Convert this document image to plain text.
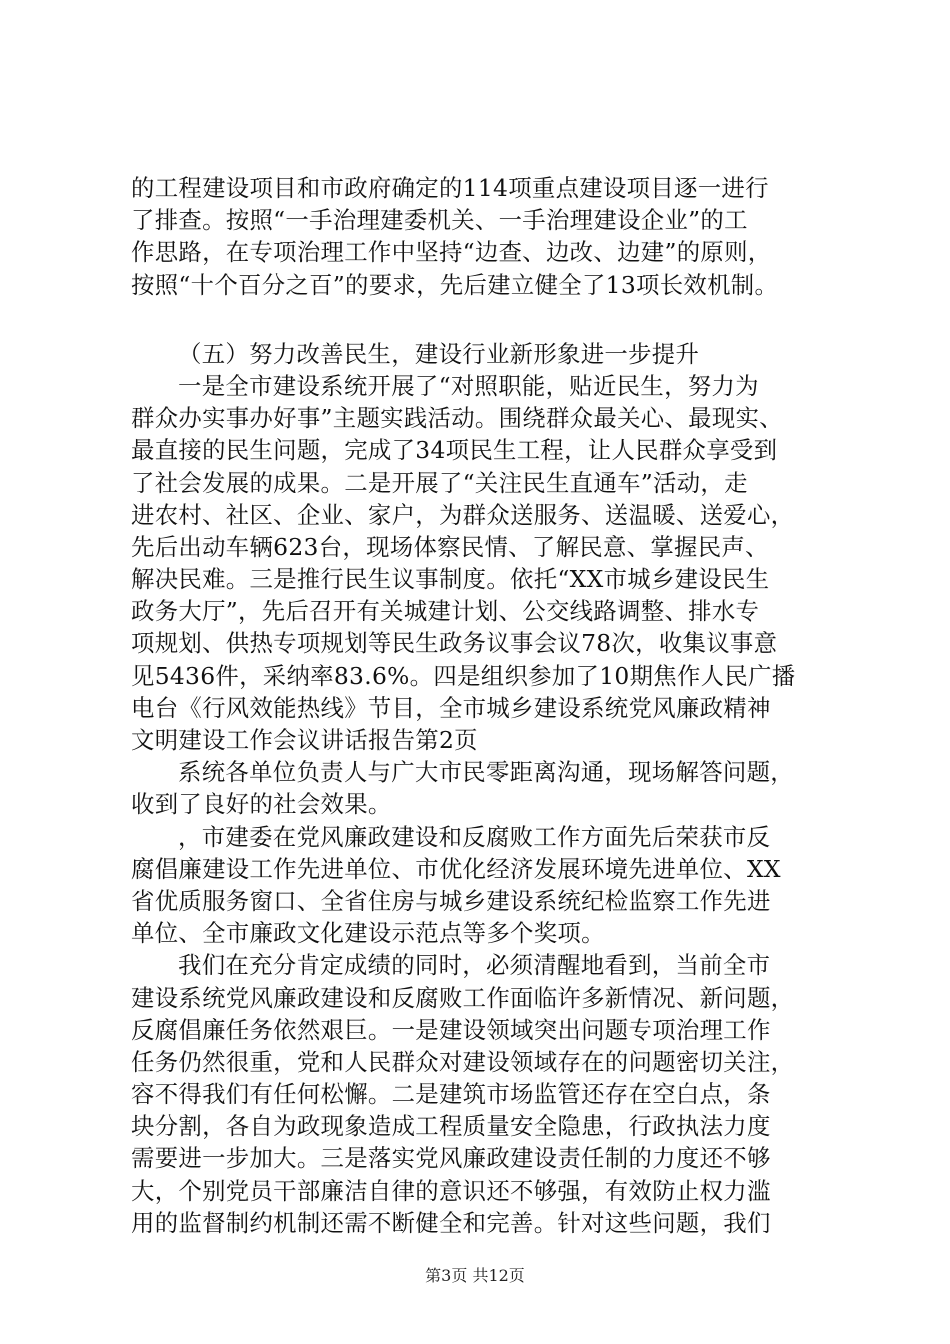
的工程建设项目和市政府确定的114项重点建设项目逐一进行
了排查。按照“一手治理建委机关、一手治理建设企业”的工
作思路，在专项治理工作中坚持“边查、边改、边建”的原则，
按照“十个百分之百”的要求，先后建立健全了13项长效机制。
（五）努力改善民生，建设行业新形象进一步提升
一是全市建设系统开展了“对照职能，贴近民生，努力为
群众办实事办好事”主题实践活动。围绕群众最关心、最现实、
最直接的民生问题，完成了34项民生工程，让人民群众享受到
了社会发展的成果。二是开展了“关注民生直通车”活动，走
进农村、社区、企业、家户，为群众送服务、送温暖、送爱心，
先后出动车辆623台，现场体察民情、了解民意、掌握民声、
解决民难。三是推行民生议事制度。依托“XX市城乡建设民生
政务大厅”，先后召开有关城建计划、公交线路调整、排水专
项规划、供热专项规划等民生政务议事会议78次，收集议事意
见5436件，采纳率83.6%。四是组织参加了10期焦作人民广播
电台《行风效能热线》节目，全市城乡建设系统党风廉政精神
文明建设工作会议讲话报告第2页
系统各单位负责人与广大市民零距离沟通，现场解答问题，
收到了良好的社会效果。
，市建委在党风廉政建设和反腐败工作方面先后荣获市反
腐倡廉建设工作先进单位、市优化经济发展环境先进单位、XX
省优质服务窗口、全省住房与城乡建设系统纪检监察工作先进
单位、全市廉政文化建设示范点等多个奖项。
我们在充分肯定成绩的同时，必须清醒地看到，当前全市
建设系统党风廉政建设和反腐败工作面临许多新情况、新问题，
反腐倡廉任务依然艰巨。一是建设领域突出问题专项治理工作
任务仍然很重，党和人民群众对建设领域存在的问题密切关注，
容不得我们有任何松懈。二是建筑市场监管还存在空白点，条
块分割，各自为政现象造成工程质量安全隐患，行政执法力度
需要进一步加大。三是落实党风廉政建设责任制的力度还不够
大，个别党员干部廉洁自律的意识还不够强，有效防止权力滥
用的监督制约机制还需不断健全和完善。针对这些问题，我们
第3页 共12页
